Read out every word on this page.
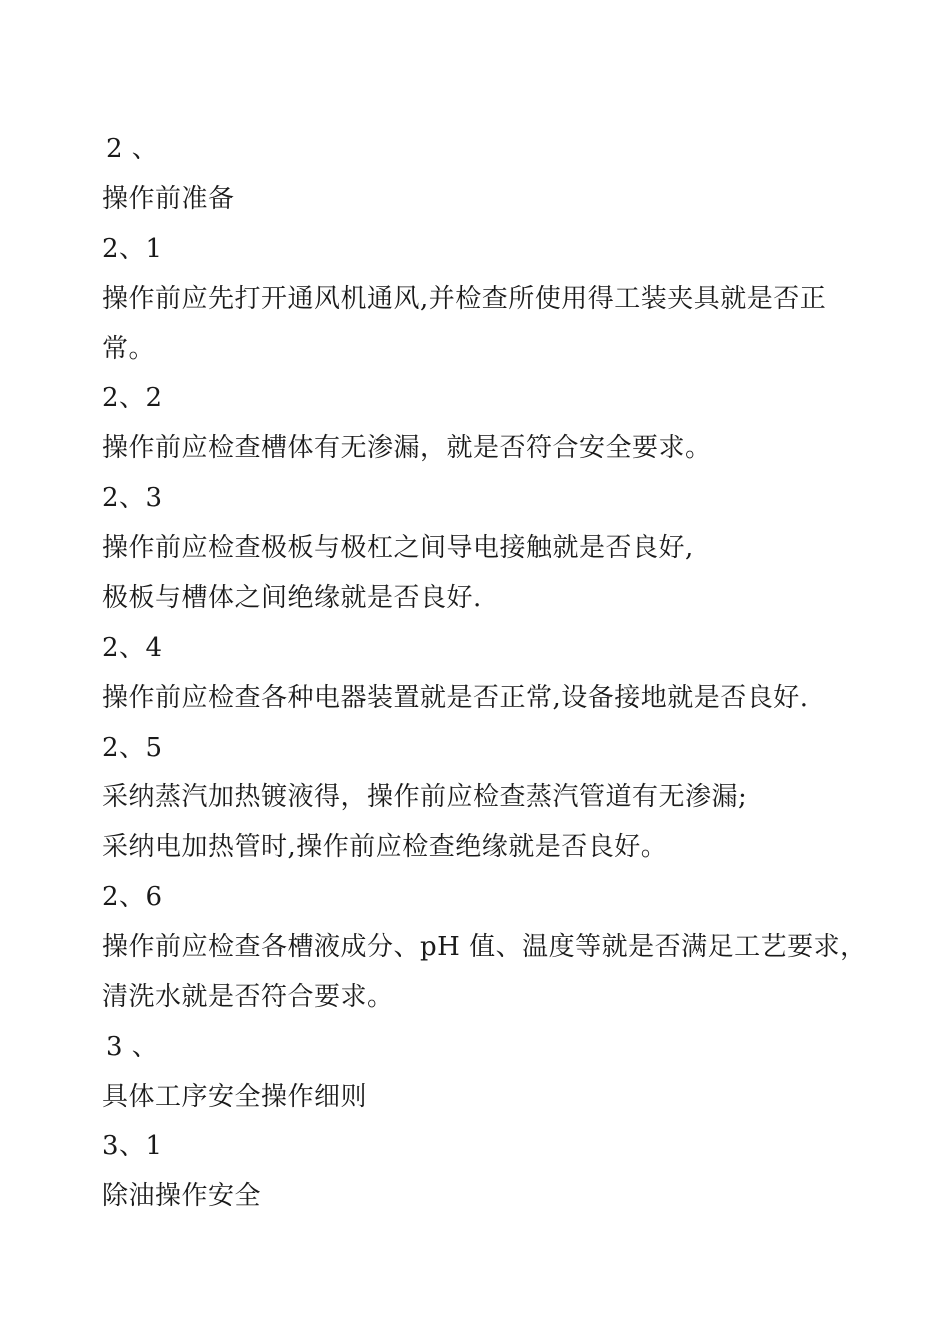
2 、

操作前准备

2、1

操作前应先打开通风机通风,并检查所使用得工装夹具就是否正

常。

2、2

操作前应检查槽体有无渗漏，就是否符合安全要求。

2、3

操作前应检查极板与极杠之间导电接触就是否良好,

极板与槽体之间绝缘就是否良好.

2、4

操作前应检查各种电器装置就是否正常,设备接地就是否良好.

2、5

采纳蒸汽加热镀液得，操作前应检查蒸汽管道有无渗漏;

采纳电加热管时,操作前应检查绝缘就是否良好。

2、6

操作前应检查各槽液成分、pH 值、温度等就是否满足工艺要求，

清洗水就是否符合要求。

3 、

具体工序安全操作细则

3、1

除油操作安全
